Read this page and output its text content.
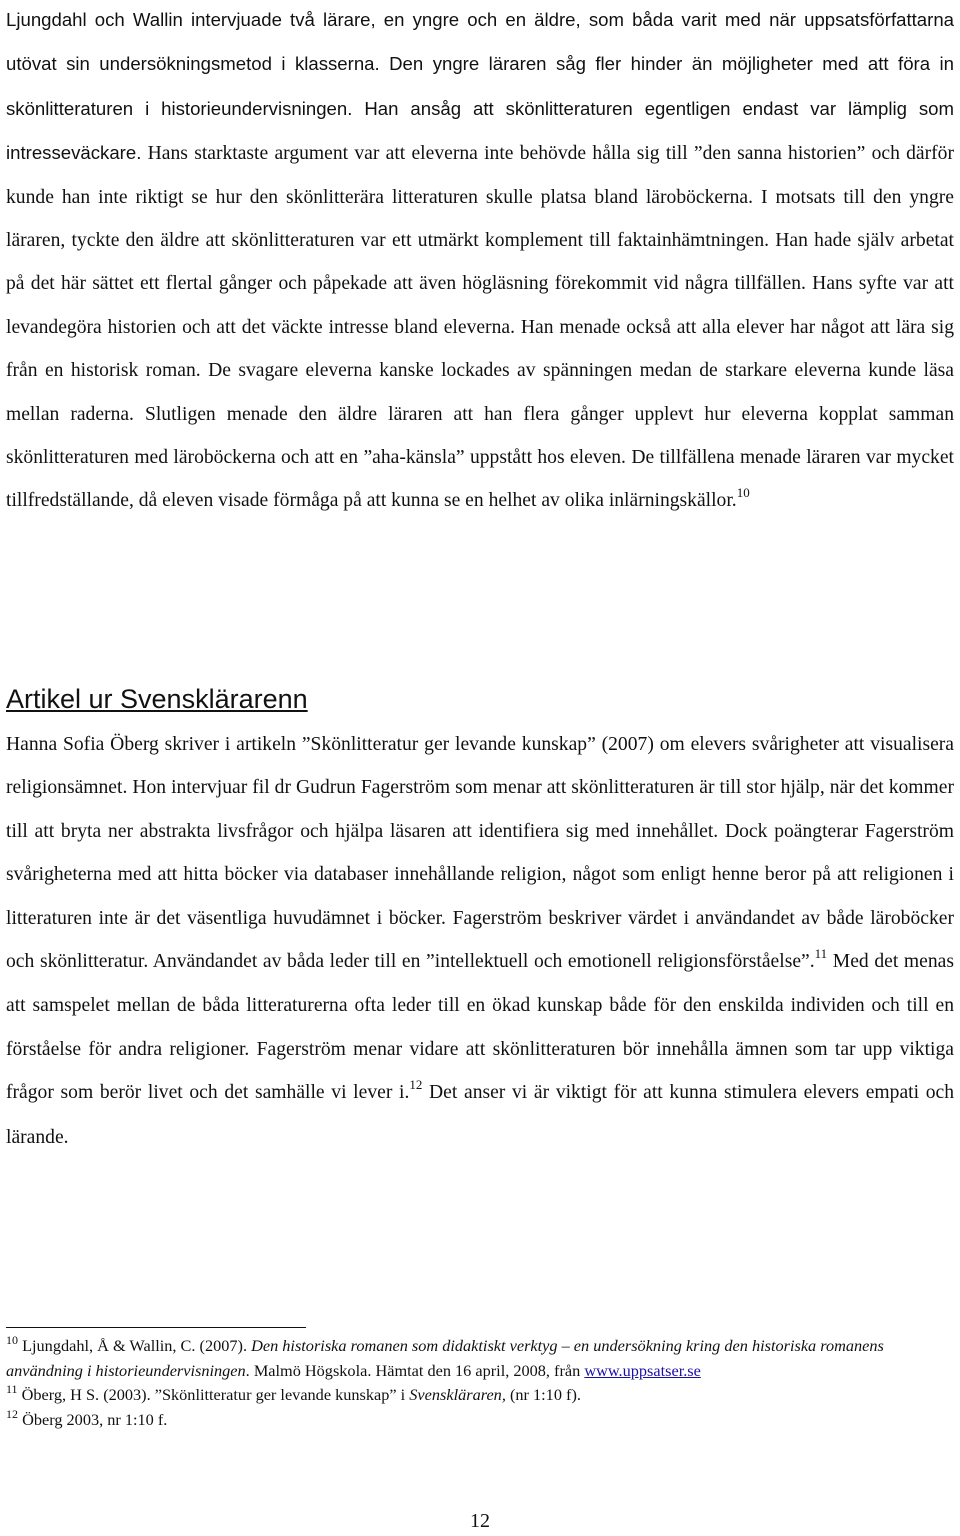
Ljungdahl och Wallin intervjuade två lärare, en yngre och en äldre, som båda varit med när uppsatsförfattarna utövat sin undersökningsmetod i klasserna. Den yngre läraren såg fler hinder än möjligheter med att föra in skönlitteraturen i historieundervisningen. Han ansåg att skönlitteraturen egentligen endast var lämplig som intresseväckare. Hans starktaste argument var att eleverna inte behövde hålla sig till ”den sanna historien” och därför kunde han inte riktigt se hur den skönlitterära litteraturen skulle platsa bland läroböckerna. I motsats till den yngre läraren, tyckte den äldre att skönlitteraturen var ett utmärkt komplement till faktainhämtningen. Han hade själv arbetat på det här sättet ett flertal gånger och påpekade att även högläsning förekommit vid några tillfällen. Hans syfte var att levandegöra historien och att det väckte intresse bland eleverna. Han menade också att alla elever har något att lära sig från en historisk roman. De svagare eleverna kanske lockades av spänningen medan de starkare eleverna kunde läsa mellan raderna. Slutligen menade den äldre läraren att han flera gånger upplevt hur eleverna kopplat samman skönlitteraturen med läroböckerna och att en ”aha-känsla” uppstått hos eleven. De tillfällena menade läraren var mycket tillfredställande, då eleven visade förmåga på att kunna se en helhet av olika inlärningskällor.$^{10}$

Artikel ur Svensklärarenn

Hanna Sofia Öberg skriver i artikeln ”Skönlitteratur ger levande kunskap” (2007) om elevers svårigheter att visualisera religionsämnet. Hon intervjuar fil dr Gudrun Fagerström som menar att skönlitteraturen är till stor hjälp, när det kommer till att bryta ner abstrakta livsfrågor och hjälpa läsaren att identifiera sig med innehållet. Dock poängterar Fagerström svårigheterna med att hitta böcker via databaser innehållande religion, något som enligt henne beror på att religionen i litteraturen inte är det väsentliga huvudämnet i böcker. Fagerström beskriver värdet i användandet av både läroböcker och skönlitteratur. Användandet av båda leder till en ”intellektuell och emotionell religionsförståelse”.$^{11}$ Med det menas att samspelet mellan de båda litteraturerna ofta leder till en ökad kunskap både för den enskilda individen och till en förståelse för andra religioner. Fagerström menar vidare att skönlitteraturen bör innehålla ämnen som tar upp viktiga frågor som berör livet och det samhälle vi lever i.$^{12}$ Det anser vi är viktigt för att kunna stimulera elevers empati och lärande.

$^{10}$ Ljungdahl, Å & Wallin, C. (2007). Den historiska romanen som didaktiskt verktyg – en undersökning kring den historiska romanens användning i historieundervisningen. Malmö Högskola. Hämtat den 16 april, 2008, från www.uppsatser.se

$^{11}$ Öberg, H S. (2003). ”Skönlitteratur ger levande kunskap” i Svenskläraren, (nr 1:10 f).

$^{12}$ Öberg 2003, nr 1:10 f.

12
